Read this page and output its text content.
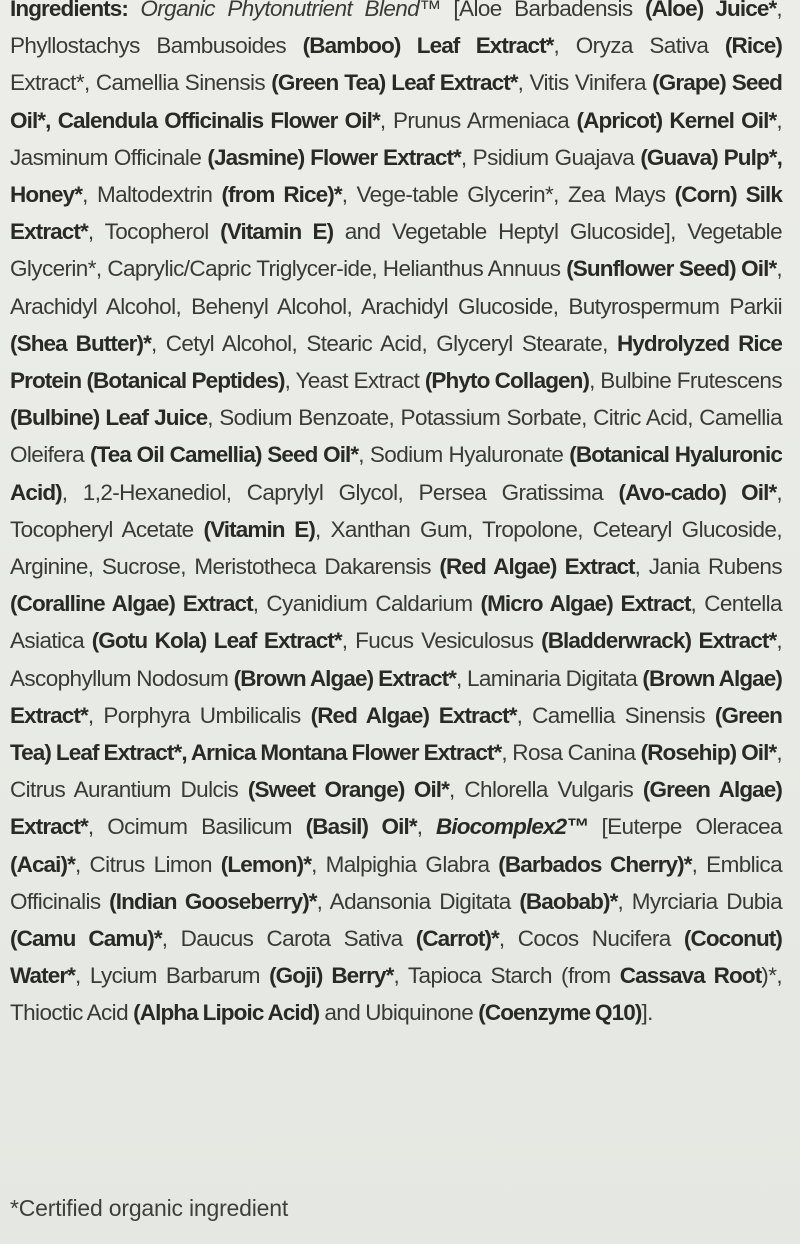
Ingredients: Organic Phytonutrient Blend™ [Aloe Barbadensis (Aloe) Juice*, Phyllostachys Bambusoides (Bamboo) Leaf Extract*, Oryza Sativa (Rice) Extract*, Camellia Sinensis (Green Tea) Leaf Extract*, Vitis Vinifera (Grape) Seed Oil*, Calendula Officinalis Flower Oil*, Prunus Armeniaca (Apricot) Kernel Oil*, Jasminum Officinale (Jasmine) Flower Extract*, Psidium Guajava (Guava) Pulp*, Honey*, Maltodextrin (from Rice)*, Vege-table Glycerin*, Zea Mays (Corn) Silk Extract*, Tocopherol (Vitamin E) and Vegetable Heptyl Glucoside], Vegetable Glycerin*, Caprylic/Capric Triglycer-ide, Helianthus Annuus (Sunflower Seed) Oil*, Arachidyl Alcohol, Behenyl Alcohol, Arachidyl Glucoside, Butyrospermum Parkii (Shea Butter)*, Cetyl Alcohol, Stearic Acid, Glyceryl Stearate, Hydrolyzed Rice Protein (Botanical Peptides), Yeast Extract (Phyto Collagen), Bulbine Frutescens (Bulbine) Leaf Juice, Sodium Benzoate, Potassium Sorbate, Citric Acid, Camellia Oleifera (Tea Oil Camellia) Seed Oil*, Sodium Hyaluronate (Botanical Hyaluronic Acid), 1,2-Hexanediol, Caprylyl Glycol, Persea Gratissima (Avo-cado) Oil*, Tocopheryl Acetate (Vitamin E), Xanthan Gum, Tropolone, Cetearyl Glucoside, Arginine, Sucrose, Meristotheca Dakarensis (Red Algae) Extract, Jania Rubens (Coralline Algae) Extract, Cyanidium Caldarium (Micro Algae) Extract, Centella Asiatica (Gotu Kola) Leaf Extract*, Fucus Vesiculosus (Bladderwrack) Extract*, Ascophyllum Nodosum (Brown Algae) Extract*, Laminaria Digitata (Brown Algae) Extract*, Porphyra Umbilicalis (Red Algae) Extract*, Camellia Sinensis (Green Tea) Leaf Extract*, Arnica Montana Flower Extract*, Rosa Canina (Rosehip) Oil*, Citrus Aurantium Dulcis (Sweet Orange) Oil*, Chlorella Vulgaris (Green Algae) Extract*, Ocimum Basilicum (Basil) Oil*, Biocomplex2™ [Euterpe Oleracea (Acai)*, Citrus Limon (Lemon)*, Malpighia Glabra (Barbados Cherry)*, Emblica Officinalis (Indian Gooseberry)*, Adansonia Digitata (Baobab)*, Myrciaria Dubia (Camu Camu)*, Daucus Carota Sativa (Carrot)*, Cocos Nucifera (Coconut) Water*, Lycium Barbarum (Goji) Berry*, Tapioca Starch (from Cassava Root)*, Thioctic Acid (Alpha Lipoic Acid) and Ubiquinone (Coenzyme Q10)].

*Certified organic ingredient
